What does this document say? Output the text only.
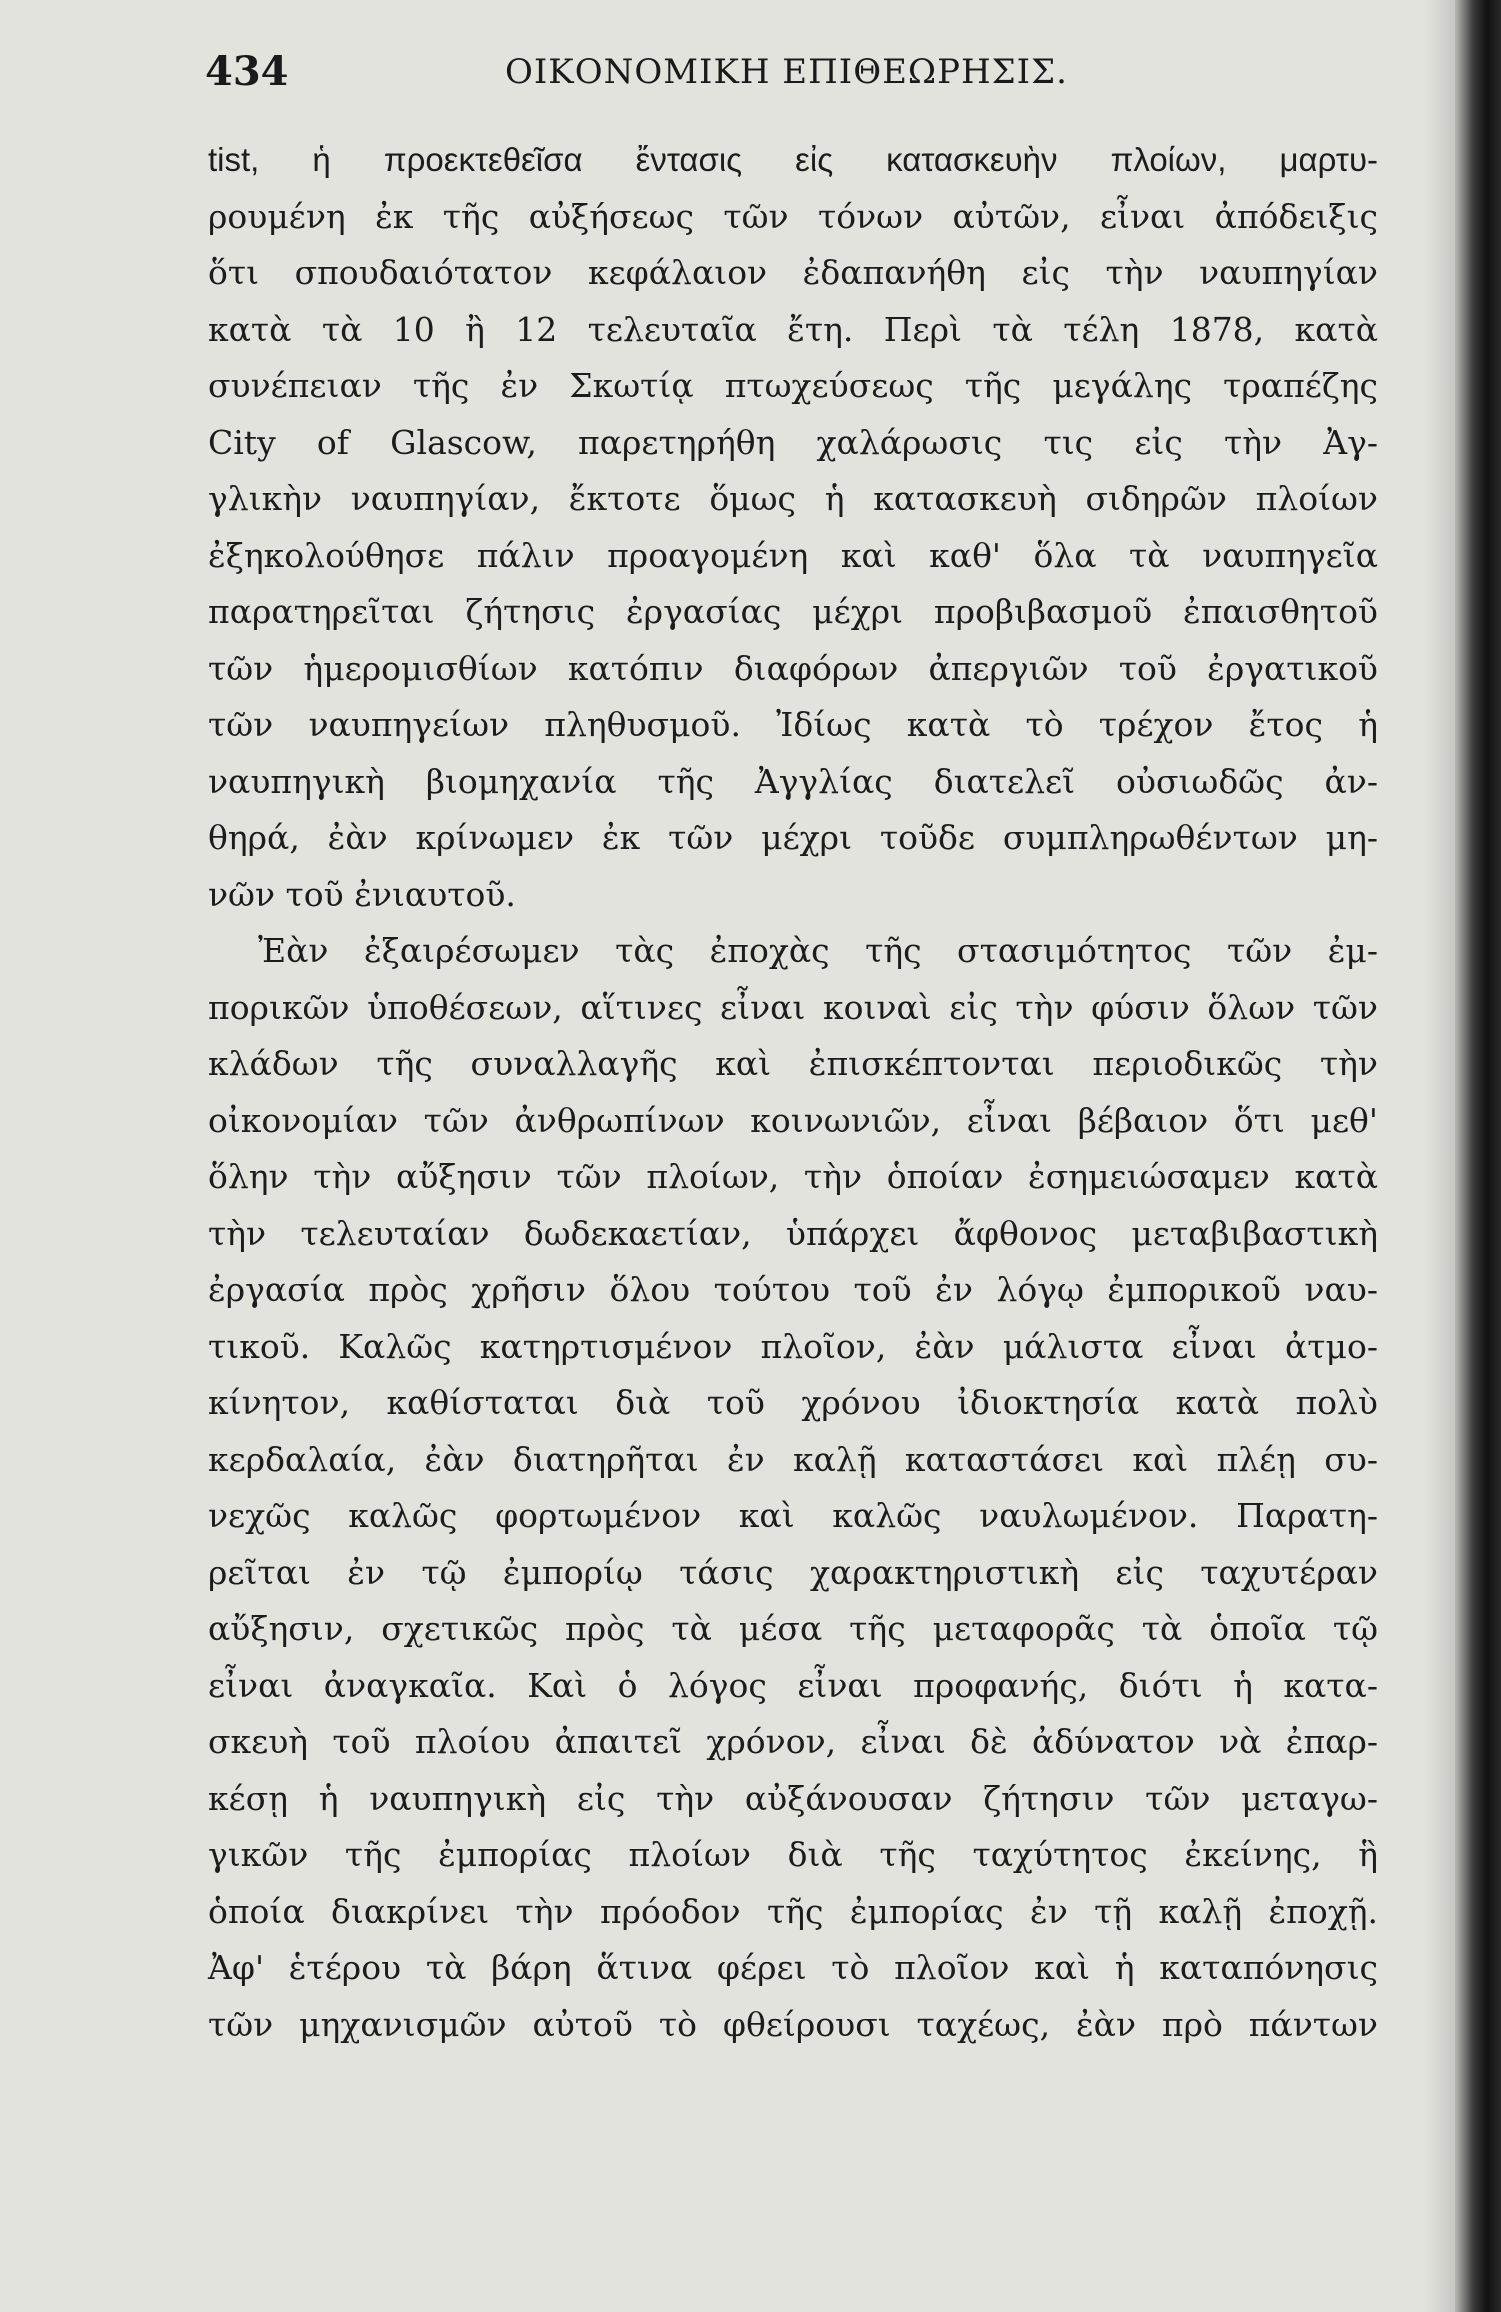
434	ΟΙΚΟΝΟΜΙΚΗ ΕΠΙΘΕΩΡΗΣΙΣ.
tist, ἡ προεκτεθεῖσα ἔντασις εἰς κατασκευὴν πλοίων, μαρτυ-
ρουμένη ἐκ τῆς αὐξήσεως τῶν τόνων αὐτῶν, εἶναι ἀπόδειξις
ὅτι σπουδαιότατον κεφάλαιον ἐδαπανήθη εἰς τὴν ναυπηγίαν
κατὰ τὰ 10 ἢ 12 τελευταῖα ἔτη. Περὶ τὰ τέλη 1878, κατὰ
συνέπειαν τῆς ἐν Σκωτίᾳ πτωχεύσεως τῆς μεγάλης τραπέζης
City of Glascow, παρετηρήθη χαλάρωσις τις εἰς τὴν Ἀγ-
γλικὴν ναυπηγίαν, ἔκτοτε ὅμως ἡ κατασκευὴ σιδηρῶν πλοίων
ἐξηκολούθησε πάλιν προαγομένη καὶ καθ' ὅλα τὰ ναυπηγεῖα
παρατηρεῖται ζήτησις ἐργασίας μέχρι προβιβασμοῦ ἐπαισθητοῦ
τῶν ἡμερομισθίων κατόπιν διαφόρων ἀπεργιῶν τοῦ ἐργατικοῦ
τῶν ναυπηγείων πληθυσμοῦ. Ἰδίως κατὰ τὸ τρέχον ἔτος ἡ
ναυπηγικὴ βιομηχανία τῆς Ἀγγλίας διατελεῖ οὐσιωδῶς ἀν-
θηρά, ἐὰν κρίνωμεν ἐκ τῶν μέχρι τοῦδε συμπληρωθέντων μη-
νῶν τοῦ ἐνιαυτοῦ.
Ἐὰν ἐξαιρέσωμεν τὰς ἐποχὰς τῆς στασιμότητος τῶν ἐμ-
πορικῶν ὑποθέσεων, αἵτινες εἶναι κοιναὶ εἰς τὴν φύσιν ὅλων τῶν
κλάδων τῆς συναλλαγῆς καὶ ἐπισκέπτονται περιοδικῶς τὴν
οἰκονομίαν τῶν ἀνθρωπίνων κοινωνιῶν, εἶναι βέβαιον ὅτι μεθ'
ὅλην τὴν αὔξησιν τῶν πλοίων, τὴν ὁποίαν ἐσημειώσαμεν κατὰ
τὴν τελευταίαν δωδεκαετίαν, ὑπάρχει ἄφθονος μεταβιβαστικὴ
ἐργασία πρὸς χρῆσιν ὅλου τούτου τοῦ ἐν λόγῳ ἐμπορικοῦ ναυ-
τικοῦ. Καλῶς κατηρτισμένον πλοῖον, ἐὰν μάλιστα εἶναι ἀτμο-
κίνητον, καθίσταται διὰ τοῦ χρόνου ἰδιοκτησία κατὰ πολὺ
κερδαλαία, ἐὰν διατηρῆται ἐν καλῇ καταστάσει καὶ πλέῃ συ-
νεχῶς καλῶς φορτωμένον καὶ καλῶς ναυλωμένον. Παρατη-
ρεῖται ἐν τῷ ἐμπορίῳ τάσις χαρακτηριστικὴ εἰς ταχυτέραν
αὔξησιν, σχετικῶς πρὸς τὰ μέσα τῆς μεταφορᾶς τὰ ὁποῖα τῷ
εἶναι ἀναγκαῖα. Καὶ ὁ λόγος εἶναι προφανής, διότι ἡ κατα-
σκευὴ τοῦ πλοίου ἀπαιτεῖ χρόνον, εἶναι δὲ ἀδύνατον νὰ ἐπαρ-
κέσῃ ἡ ναυπηγικὴ εἰς τὴν αὐξάνουσαν ζήτησιν τῶν μεταγω-
γικῶν τῆς ἐμπορίας πλοίων διὰ τῆς ταχύτητος ἐκείνης, ἣ
ὁποία διακρίνει τὴν πρόοδον τῆς ἐμπορίας ἐν τῇ καλῇ ἐποχῇ.
Ἀφ' ἑτέρου τὰ βάρη ἅτινα φέρει τὸ πλοῖον καὶ ἡ καταπόνησις
τῶν μηχανισμῶν αὐτοῦ τὸ φθείρουσι ταχέως, ἐὰν πρὸ πάντων
